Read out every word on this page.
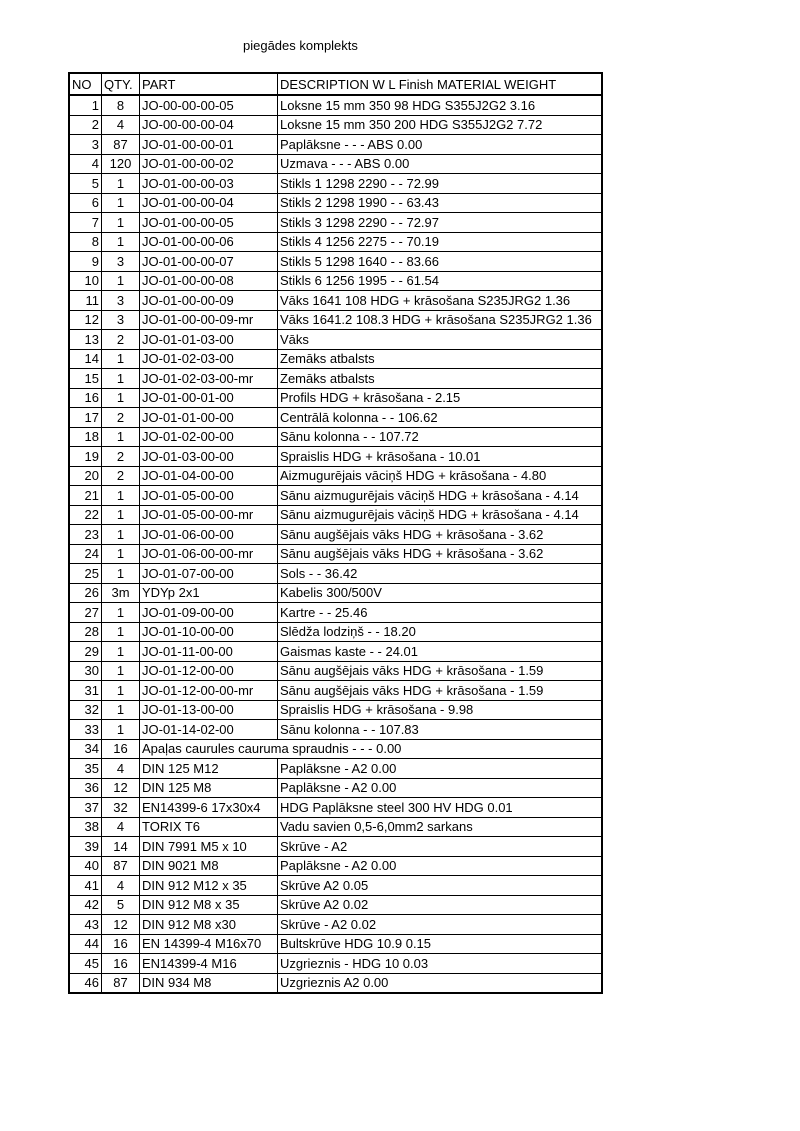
piegādes komplekts
NO	QTY.	PART	DESCRIPTION W L Finish MATERIAL WEIGHT
1	8	JO-00-00-00-05	Loksne 15 mm 350 98 HDG S355J2G2 3.16
2	4	JO-00-00-00-04	Loksne 15 mm 350 200 HDG S355J2G2 7.72
3	87	JO-01-00-00-01	Paplāksne - - - ABS 0.00
4	120	JO-01-00-00-02	Uzmava - - - ABS 0.00
5	1	JO-01-00-00-03	Stikls 1 1298 2290 - - 72.99
6	1	JO-01-00-00-04	Stikls 2 1298 1990 - - 63.43
7	1	JO-01-00-00-05	Stikls 3 1298 2290 - - 72.97
8	1	JO-01-00-00-06	Stikls 4 1256 2275 - - 70.19
9	3	JO-01-00-00-07	Stikls 5 1298 1640 - - 83.66
10	1	JO-01-00-00-08	Stikls 6 1256 1995 - - 61.54
11	3	JO-01-00-00-09	Vāks 1641 108 HDG + krāsošana S235JRG2 1.36
12	3	JO-01-00-00-09-mr	Vāks 1641.2 108.3 HDG + krāsošana S235JRG2 1.36
13	2	JO-01-01-03-00	Vāks
14	1	JO-01-02-03-00	Zemāks atbalsts
15	1	JO-01-02-03-00-mr	Zemāks atbalsts
16	1	JO-01-00-01-00	Profils HDG + krāsošana - 2.15
17	2	JO-01-01-00-00	Centrālā kolonna - - 106.62
18	1	JO-01-02-00-00	Sānu kolonna - - 107.72
19	2	JO-01-03-00-00	Spraislis HDG + krāsošana - 10.01
20	2	JO-01-04-00-00	Aizmugurējais vāciņš HDG + krāsošana - 4.80
21	1	JO-01-05-00-00	Sānu aizmugurējais vāciņš HDG + krāsošana - 4.14
22	1	JO-01-05-00-00-mr	Sānu aizmugurējais vāciņš HDG + krāsošana - 4.14
23	1	JO-01-06-00-00	Sānu augšējais vāks HDG + krāsošana - 3.62
24	1	JO-01-06-00-00-mr	Sānu augšējais vāks HDG + krāsošana - 3.62
25	1	JO-01-07-00-00	Sols - - 36.42
26	3m	YDYp 2x1	Kabelis 300/500V
27	1	JO-01-09-00-00	Kartre - - 25.46
28	1	JO-01-10-00-00	Slēdža lodziņš - - 18.20
29	1	JO-01-11-00-00	Gaismas kaste - - 24.01
30	1	JO-01-12-00-00	Sānu augšējais vāks HDG + krāsošana - 1.59
31	1	JO-01-12-00-00-mr	Sānu augšējais vāks HDG + krāsošana - 1.59
32	1	JO-01-13-00-00	Spraislis HDG + krāsošana - 9.98
33	1	JO-01-14-02-00	Sānu kolonna - - 107.83
34	16	Apaļas caurules cauruma spraudnis - - - 0.00	
35	4	DIN 125 M12	Paplāksne - A2 0.00
36	12	DIN 125 M8	Paplāksne - A2 0.00
37	32	EN14399-6 17x30x4	HDG Paplāksne steel 300 HV HDG 0.01
38	4	TORIX T6	Vadu savien 0,5-6,0mm2 sarkans
39	14	DIN 7991 M5 x 10	Skrūve - A2
40	87	DIN 9021 M8	Paplāksne - A2 0.00
41	4	DIN 912 M12 x 35	Skrūve A2 0.05
42	5	DIN 912 M8 x 35	Skrūve A2 0.02
43	12	DIN 912 M8 x30	Skrūve - A2 0.02
44	16	EN 14399-4 M16x70	Bultskrūve HDG 10.9 0.15
45	16	EN14399-4 M16	Uzgrieznis - HDG 10 0.03
46	87	DIN 934 M8	Uzgrieznis A2 0.00
